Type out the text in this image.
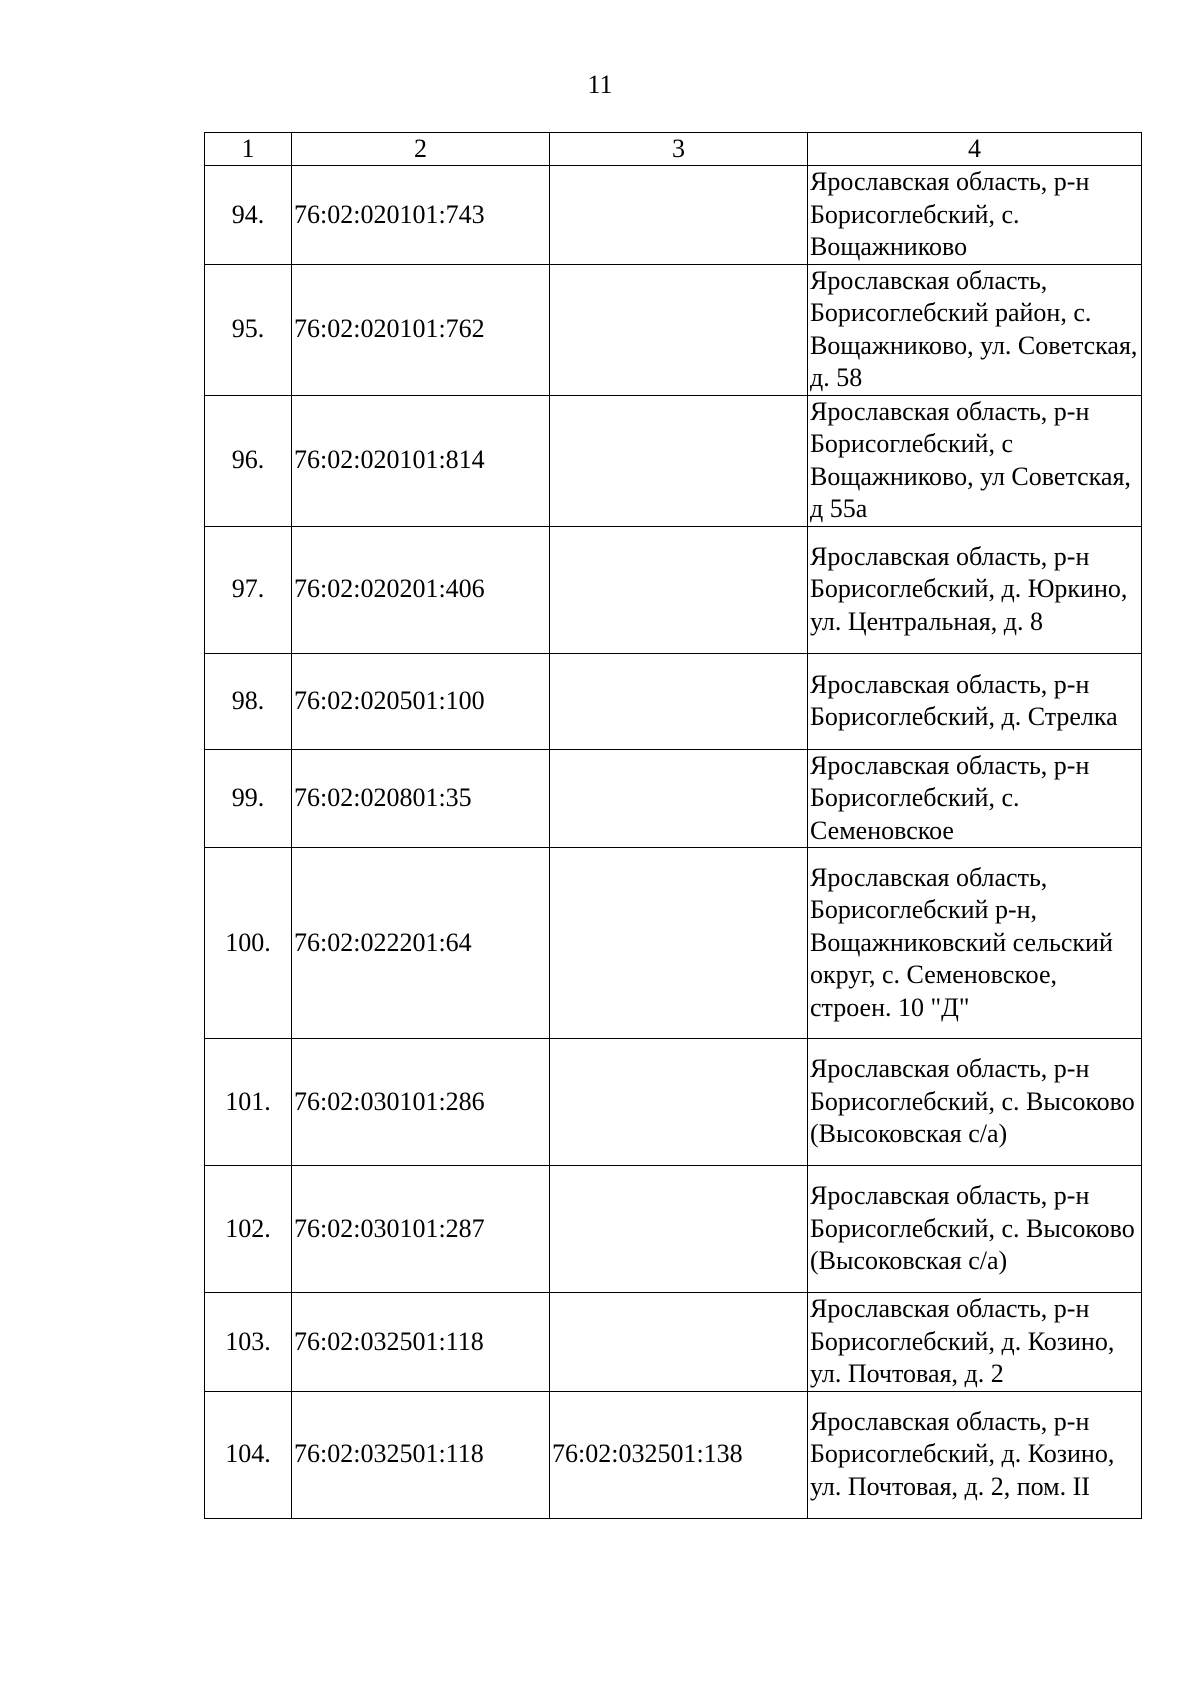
11
1	2	3	4
94.	76:02:020101:743		Ярославская область, р-н Борисоглебский, с. Вощажниково
95.	76:02:020101:762		Ярославская область, Борисоглебский район, с. Вощажниково, ул. Советская, д. 58
96.	76:02:020101:814		Ярославская область, р-н Борисоглебский, с Вощажниково, ул Советская, д 55а
97.	76:02:020201:406		Ярославская область, р-н Борисоглебский, д. Юркино, ул. Центральная, д. 8
98.	76:02:020501:100		Ярославская область, р-н Борисоглебский, д. Стрелка
99.	76:02:020801:35		Ярославская область, р-н Борисоглебский, с. Семеновское
100.	76:02:022201:64		Ярославская область, Борисоглебский р-н, Вощажниковский сельский округ, с. Семеновское, строен. 10 "Д"
101.	76:02:030101:286		Ярославская область, р-н Борисоглебский, с. Высоково (Высоковская с/а)
102.	76:02:030101:287		Ярославская область, р-н Борисоглебский, с. Высоково (Высоковская с/а)
103.	76:02:032501:118		Ярославская область, р-н Борисоглебский, д. Козино, ул. Почтовая, д. 2
104.	76:02:032501:118	76:02:032501:138	Ярославская область, р-н Борисоглебский, д. Козино, ул. Почтовая, д. 2, пом. II
